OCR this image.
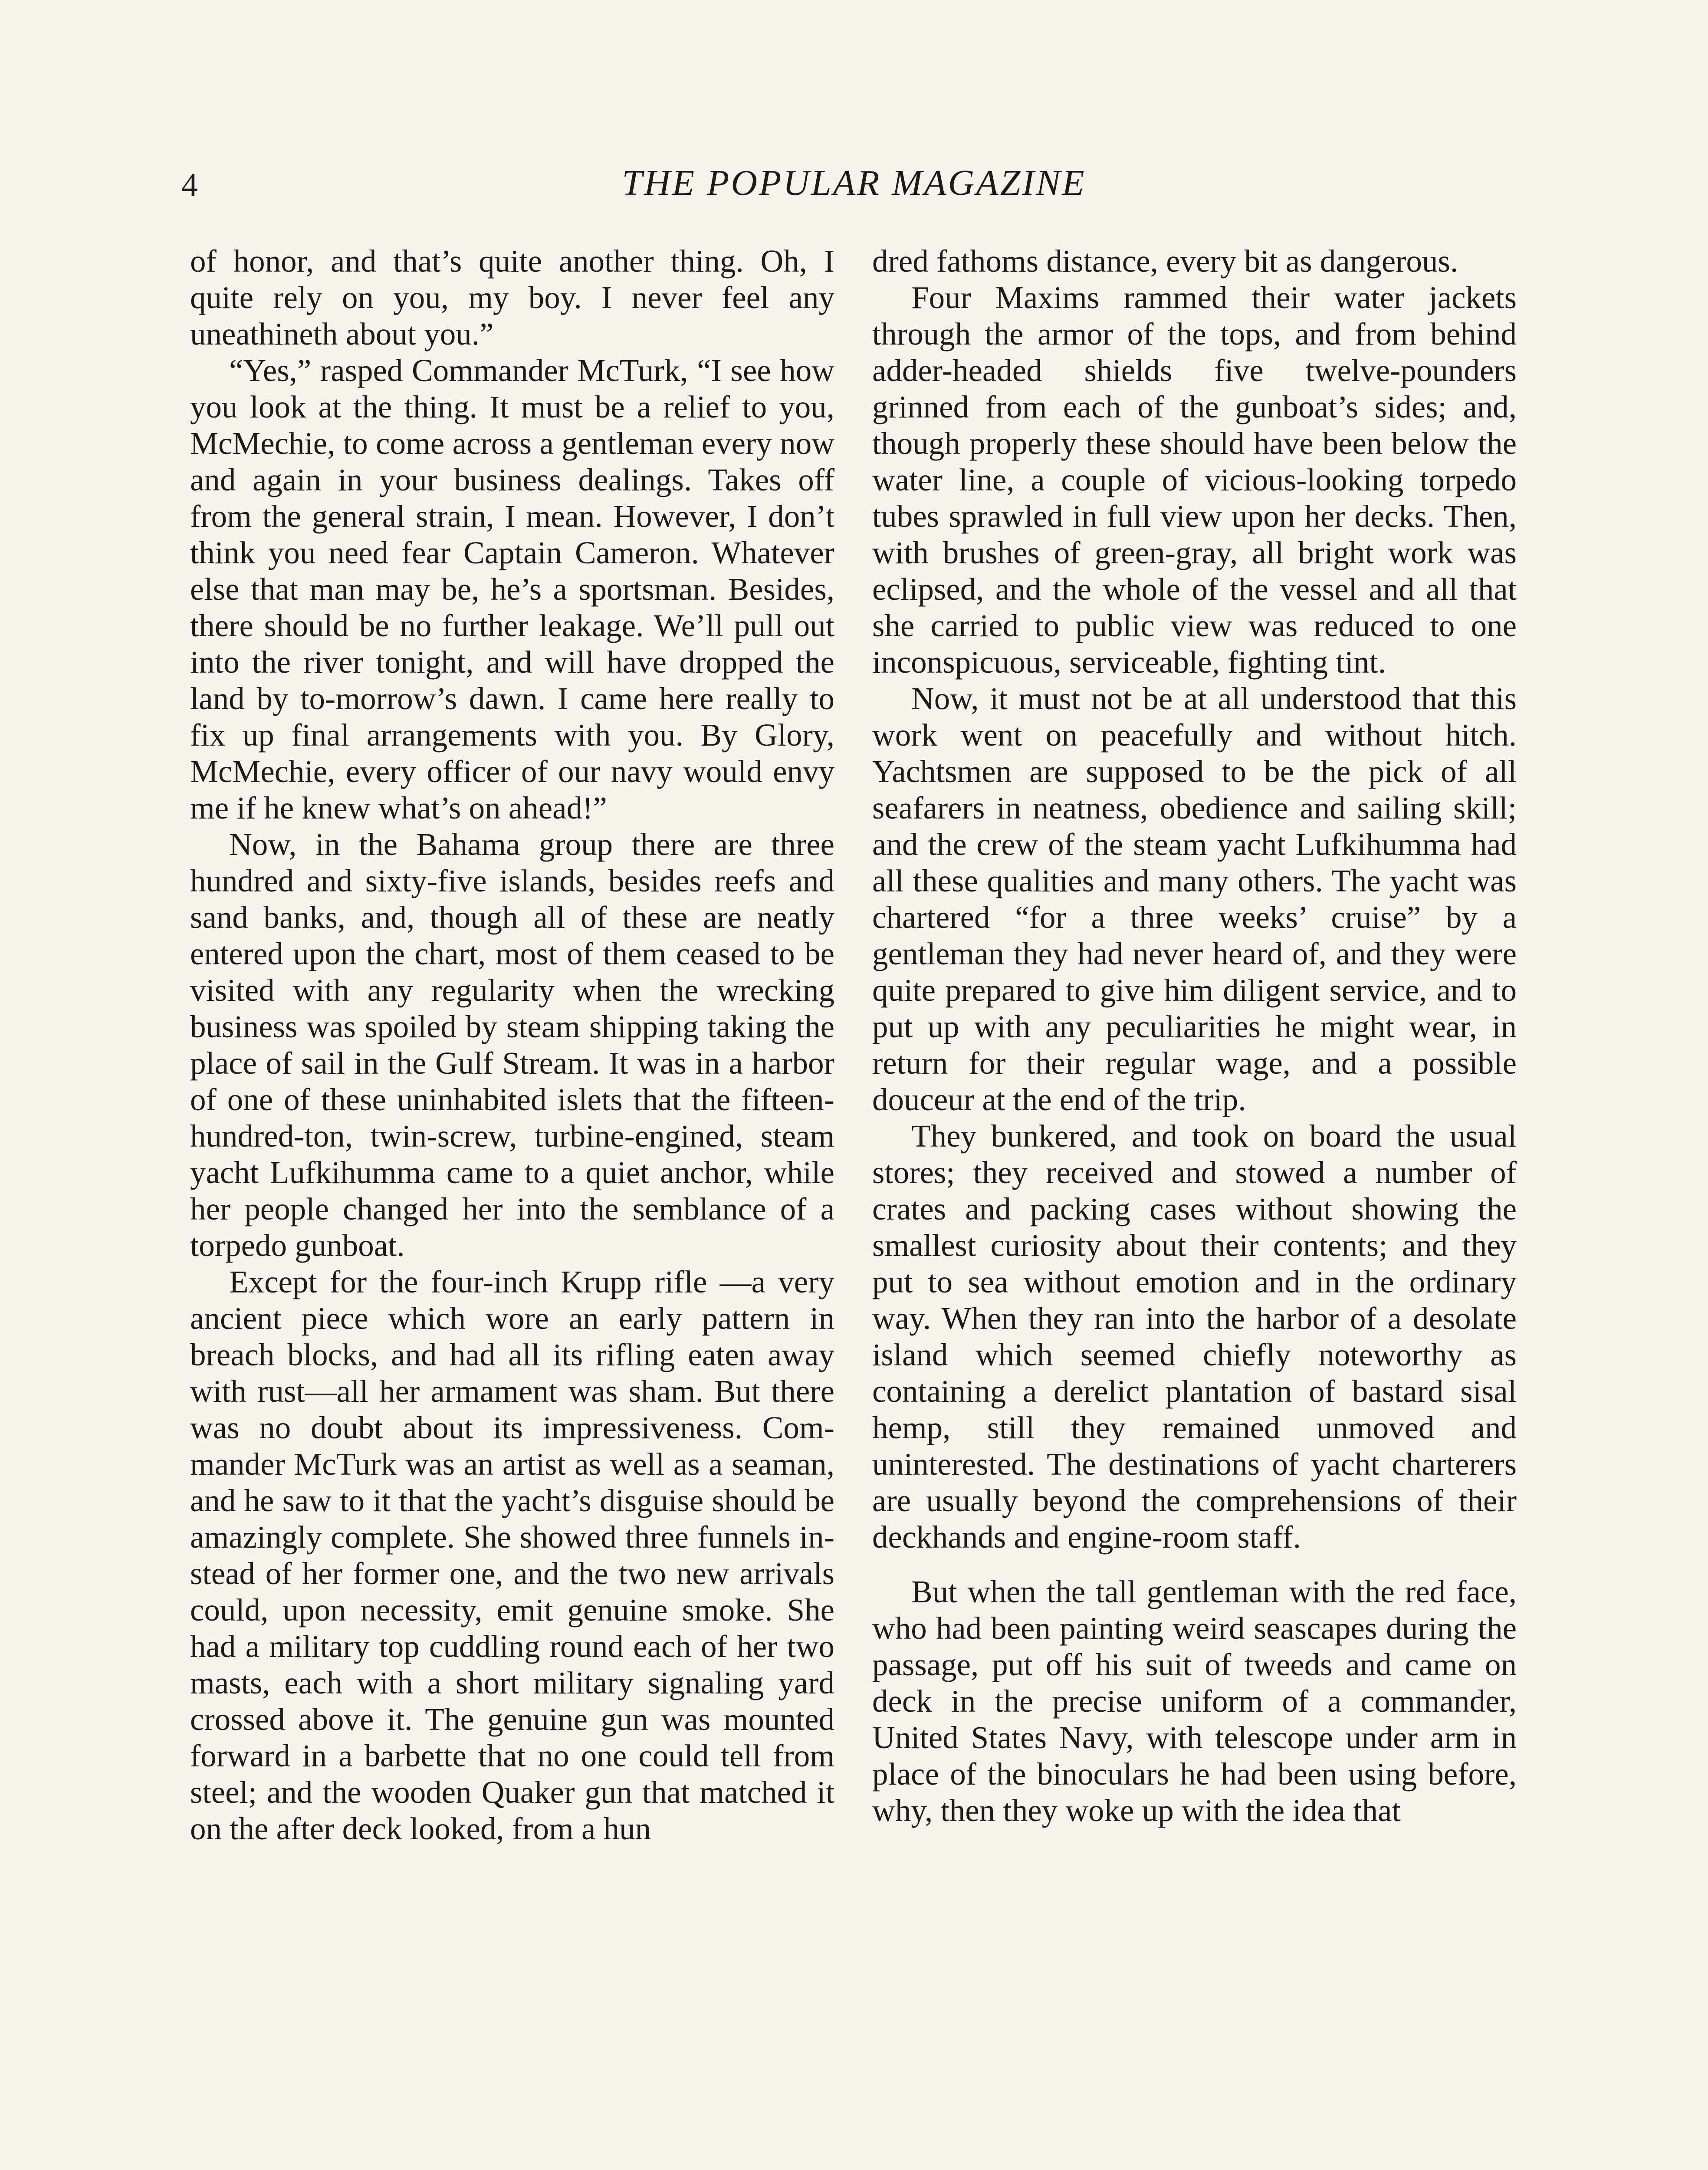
4	THE POPULAR MAGAZINE

of honor, and that’s quite another thing. Oh, I quite rely on you, my boy. I never feel any uneathineth about you.”

“Yes,” rasped Commander McTurk, “I see how you look at the thing. It must be a relief to you, McMechie, to come across a gentleman every now and again in your business dealings. Takes off from the general strain, I mean. However, I don’t think you need fear Captain Cameron. Whatever else that man may be, he’s a sportsman. Besides, there should be no further leakage. We’ll pull out into the river tonight, and will have dropped the land by to-morrow’s dawn. I came here really to fix up final arrangements with you. By Glory, McMechie, every officer of our navy would envy me if he knew what’s on ahead!”

Now, in the Bahama group there are three hundred and sixty-five islands, besides reefs and sand banks, and, though all of these are neatly entered upon the chart, most of them ceased to be visited with any regularity when the wrecking business was spoiled by steam shipping taking the place of sail in the Gulf Stream. It was in a harbor of one of these uninhabited islets that the fifteen-hundred-ton, twin-screw, turbine-engined, steam yacht Lufkihumma came to a quiet anchor, while her people changed her into the semblance of a torpedo gunboat.

Except for the four-inch Krupp rifle —a very ancient piece which wore an early pattern in breach blocks, and had all its rifling eaten away with rust—all her armament was sham. But there was no doubt about its impressiveness. Commander McTurk was an artist as well as a seaman, and he saw to it that the yacht’s disguise should be amazingly complete. She showed three funnels instead of her former one, and the two new arrivals could, upon necessity, emit genuine smoke. She had a military top cuddling round each of her two masts, each with a short military signaling yard crossed above it. The genuine gun was mounted forward in a barbette that no one could tell from steel; and the wooden Quaker gun that matched it on the after deck looked, from a hun

dred fathoms distance, every bit as dangerous.

Four Maxims rammed their water jackets through the armor of the tops, and from behind adder-headed shields five twelve-pounders grinned from each of the gunboat’s sides; and, though properly these should have been below the water line, a couple of vicious-looking torpedo tubes sprawled in full view upon her decks. Then, with brushes of green-gray, all bright work was eclipsed, and the whole of the vessel and all that she carried to public view was reduced to one inconspicuous, serviceable, fighting tint.

Now, it must not be at all understood that this work went on peacefully and without hitch. Yachtsmen are supposed to be the pick of all seafarers in neatness, obedience and sailing skill; and the crew of the steam yacht Lufkihumma had all these qualities and many others. The yacht was chartered “for a three weeks’ cruise” by a gentleman they had never heard of, and they were quite prepared to give him diligent service, and to put up with any peculiarities he might wear, in return for their regular wage, and a possible douceur at the end of the trip.

They bunkered, and took on board the usual stores; they received and stowed a number of crates and packing cases without showing the smallest curiosity about their contents; and they put to sea without emotion and in the ordinary way. When they ran into the harbor of a desolate island which seemed chiefly noteworthy as containing a derelict plantation of bastard sisal hemp, still they remained unmoved and uninterested. The destinations of yacht charterers are usually beyond the comprehensions of their deckhands and engine-room staff.

But when the tall gentleman with the red face, who had been painting weird seascapes during the passage, put off his suit of tweeds and came on deck in the precise uniform of a commander, United States Navy, with telescope under arm in place of the binoculars he had been using before, why, then they woke up with the idea that
